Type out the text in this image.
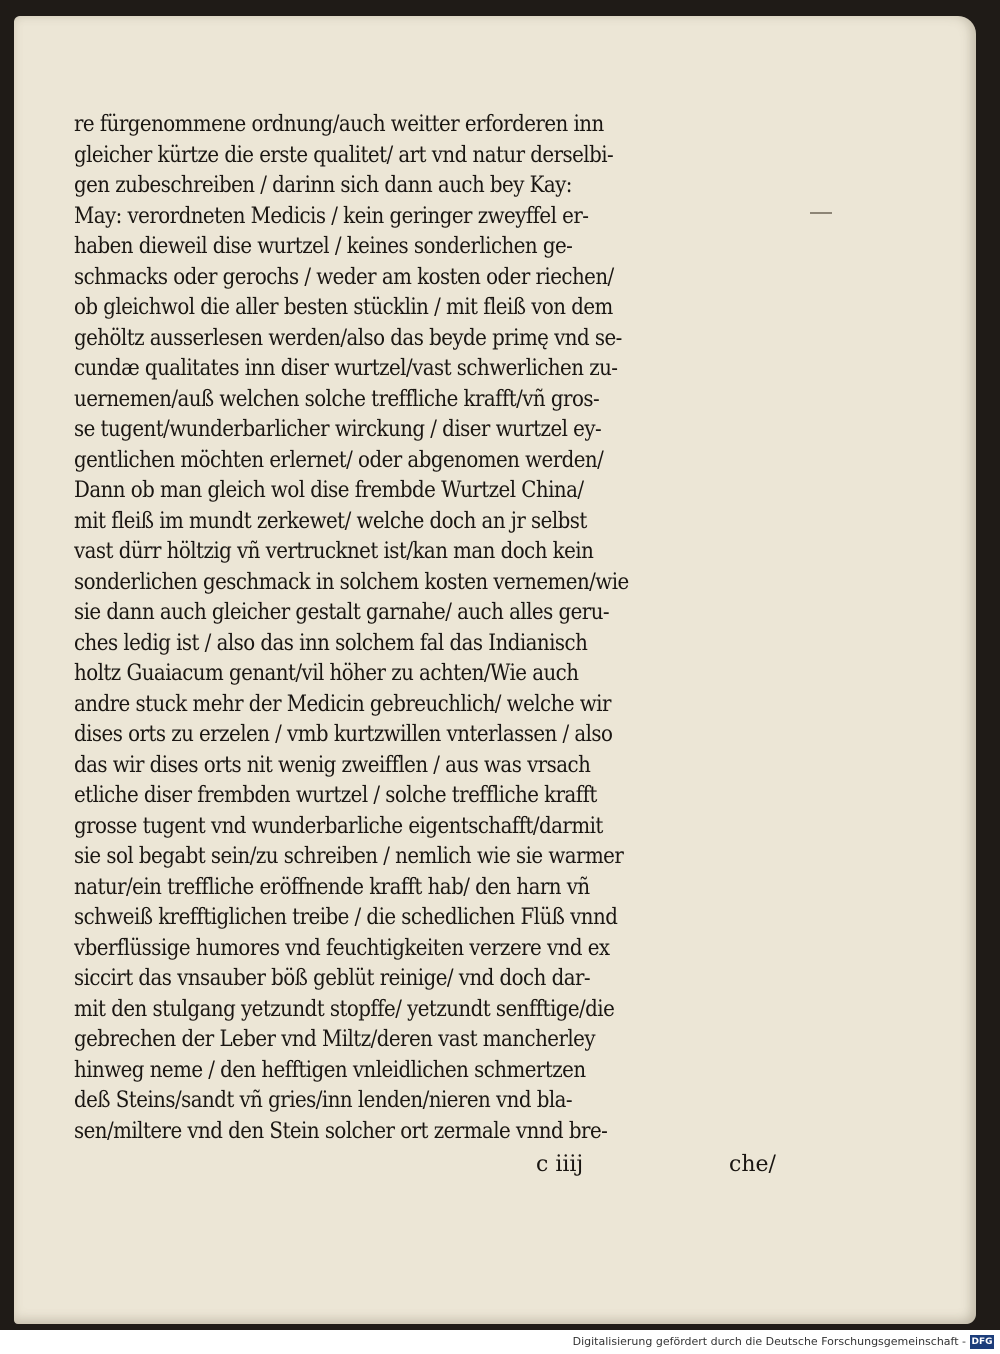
re fürgenommene ordnung/auch weitter erforderen inn
gleicher kürtze die erste qualitet/ art vnd natur derselbi-
gen zubeschreiben / darinn sich dann auch bey Kay:
May: verordneten Medicis / kein geringer zweyffel er-
haben dieweil dise wurtzel / keines sonderlichen ge-
schmacks oder gerochs / weder am kosten oder riechen/
ob gleichwol die aller besten stücklin / mit fleiß von dem
gehöltz ausserlesen werden/also das beyde primę vnd se-
cundæ qualitates inn diser wurtzel/vast schwerlichen zu-
uernemen/auß welchen solche treffliche krafft/vñ gros-
se tugent/wunderbarlicher wirckung / diser wurtzel ey-
gentlichen möchten erlernet/ oder abgenomen werden/
Dann ob man gleich wol dise frembde Wurtzel China/
mit fleiß im mundt zerkewet/ welche doch an jr selbst
vast dürr höltzig vñ vertrucknet ist/kan man doch kein
sonderlichen geschmack in solchem kosten vernemen/wie
sie dann auch gleicher gestalt garnahe/ auch alles geru-
ches ledig ist / also das inn solchem fal das Indianisch
holtz Guaiacum genant/vil höher zu achten/Wie auch
andre stuck mehr der Medicin gebreuchlich/ welche wir
dises orts zu erzelen / vmb kurtzwillen vnterlassen / also
das wir dises orts nit wenig zweifflen / aus was vrsach
etliche diser frembden wurtzel / solche treffliche krafft
grosse tugent vnd wunderbarliche eigentschafft/darmit
sie sol begabt sein/zu schreiben / nemlich wie sie warmer
natur/ein treffliche eröffnende krafft hab/ den harn vñ
schweiß krefftiglichen treibe / die schedlichen Flüß vnnd
vberflüssige humores vnd feuchtigkeiten verzere vnd ex
siccirt das vnsauber böß geblüt reinige/ vnd doch dar-
mit den stulgang yetzundt stopffe/ yetzundt senfftige/die
gebrechen der Leber vnd Miltz/deren vast mancherley
hinweg neme / den hefftigen vnleidlichen schmertzen
deß Steins/sandt vñ gries/inn lenden/nieren vnd bla-
sen/miltere vnd den Stein solcher ort zermale vnnd bre-
c iiij	che/
Digitalisierung gefördert durch die Deutsche Forschungsgemeinschaft - DFG
